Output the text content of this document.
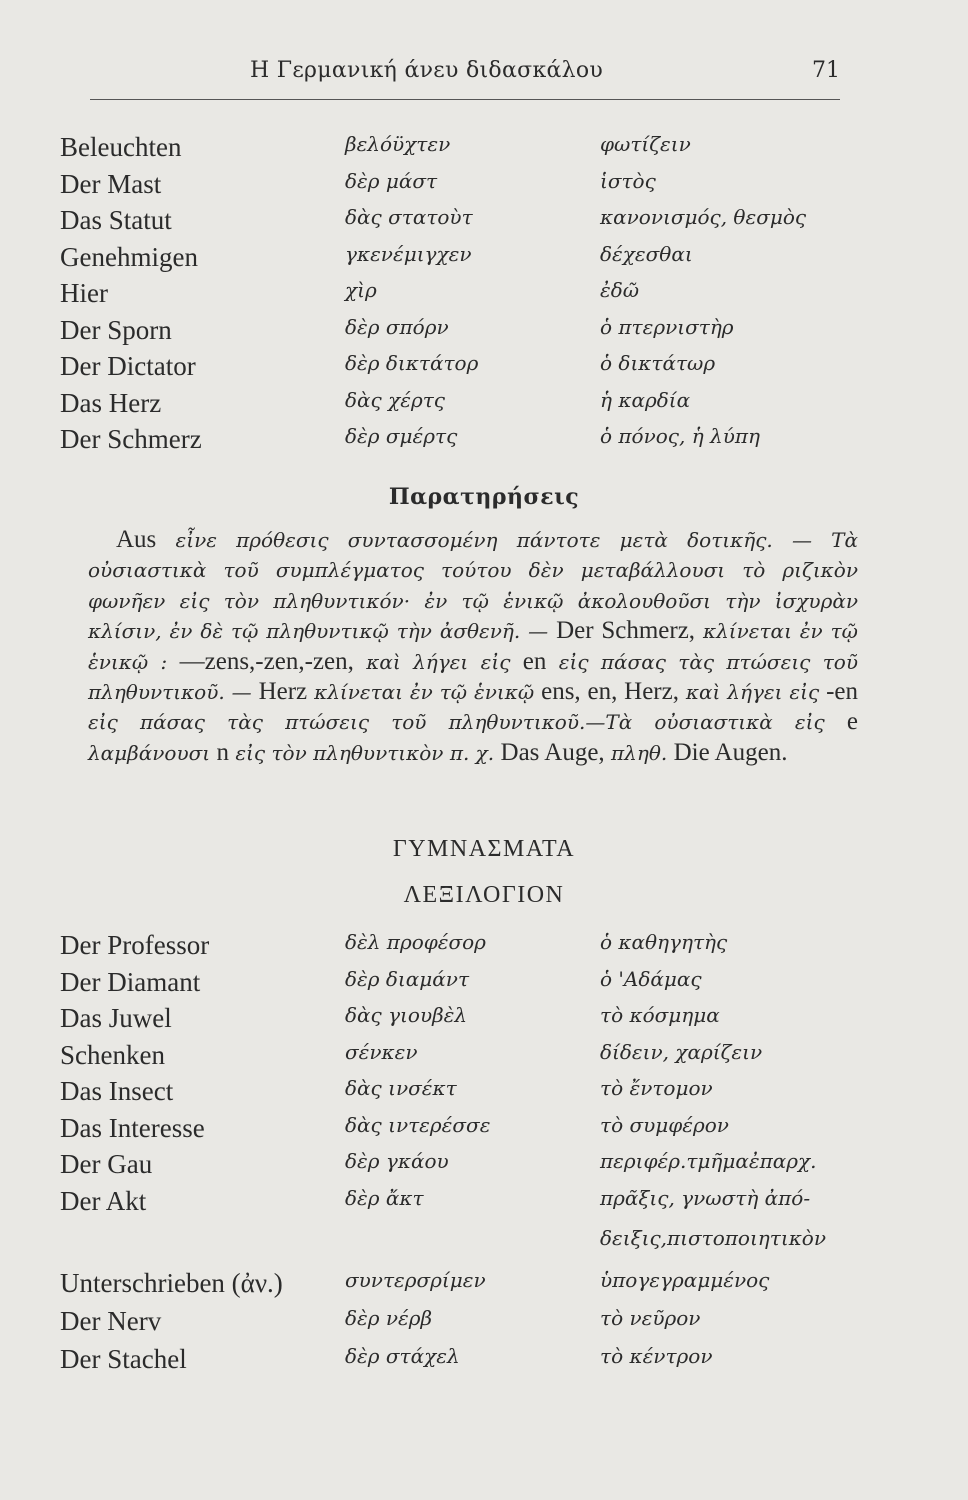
Η Γερμανική άνευ διδασκάλου	71
Beleuchten	βελόϋχτεν	φωτίζειν
Der Mast	δὲρ μάστ	ἱστὸς
Das Statut	δὰς στατοὺτ	κανονισμός, θεσμὸς
Genehmigen	γκενέμιγχεν	δέχεσθαι
Hier	χὶρ	ἐδῶ
Der Sporn	δὲρ σπόρν	ὁ πτερνιστὴρ
Der Dictator	δὲρ δικτάτορ	ὁ δικτάτωρ
Das Herz	δὰς χέρτς	ἡ καρδία
Der Schmerz	δὲρ σμέρτς	ὁ πόνος, ἡ λύπη
Παρατηρήσεις
Aus εἶνε πρόθεσις συντασσομένη πάντοτε μετὰ δοτικῆς. — Τὰ οὐσιαστικὰ τοῦ συμπλέγματος τούτου δὲν μεταβάλλουσι τὸ ριζικὸν φωνῆεν εἰς τὸν πληθυντικόν· ἐν τῷ ἑνικῷ ἀκολουθοῦσι τὴν ἰσχυρὰν κλίσιν, ἐν δὲ τῷ πληθυντικῷ τὴν ἀσθενῆ. — Der Schmerz, κλίνεται ἐν τῷ ἑνικῷ : —zens,-zen,-zen, καὶ λήγει εἰς en εἰς πάσας τὰς πτώσεις τοῦ πληθυντικοῦ. — Herz κλίνεται ἐν τῷ ἑνικῷ ens, en, Herz, καὶ λήγει εἰς -en εἰς πάσας τὰς πτώσεις τοῦ πληθυντικοῦ.—Τὰ οὐσιαστικὰ εἰς e λαμβάνουσι n εἰς τὸν πληθυντικὸν π. χ. Das Auge, πληθ. Die Augen.
ΓΥΜΝΑΣΜΑΤΑ
ΛΕΞΙΛΟΓΙΟΝ
Der Professor	δὲλ προφέσορ	ὁ καθηγητὴς
Der Diamant	δὲρ διαμάντ	ὁ 'Αδάμας
Das Juwel	δὰς γιουβὲλ	τὸ κόσμημα
Schenken	σένκεν	δίδειν, χαρίζειν
Das Insect	δὰς ινσέκτ	τὸ ἔντομον
Das Interesse	δὰς ιντερέσσε	τὸ συμφέρον
Der Gau	δὲρ γκάου	περιφέρ.τμῆμαἐπαρχ.
Der Akt	δὲρ ἄκτ	πρᾶξις, γνωστὴ ἀπό-
δειξις,πιστοποιητικὸν
Unterschrieben (ἀν.)	συντερσρίμεν	ὑπογεγραμμένος
Der Nerv	δὲρ νέρβ	τὸ νεῦρον
Der Stachel	δὲρ στάχελ	τὸ κέντρον
